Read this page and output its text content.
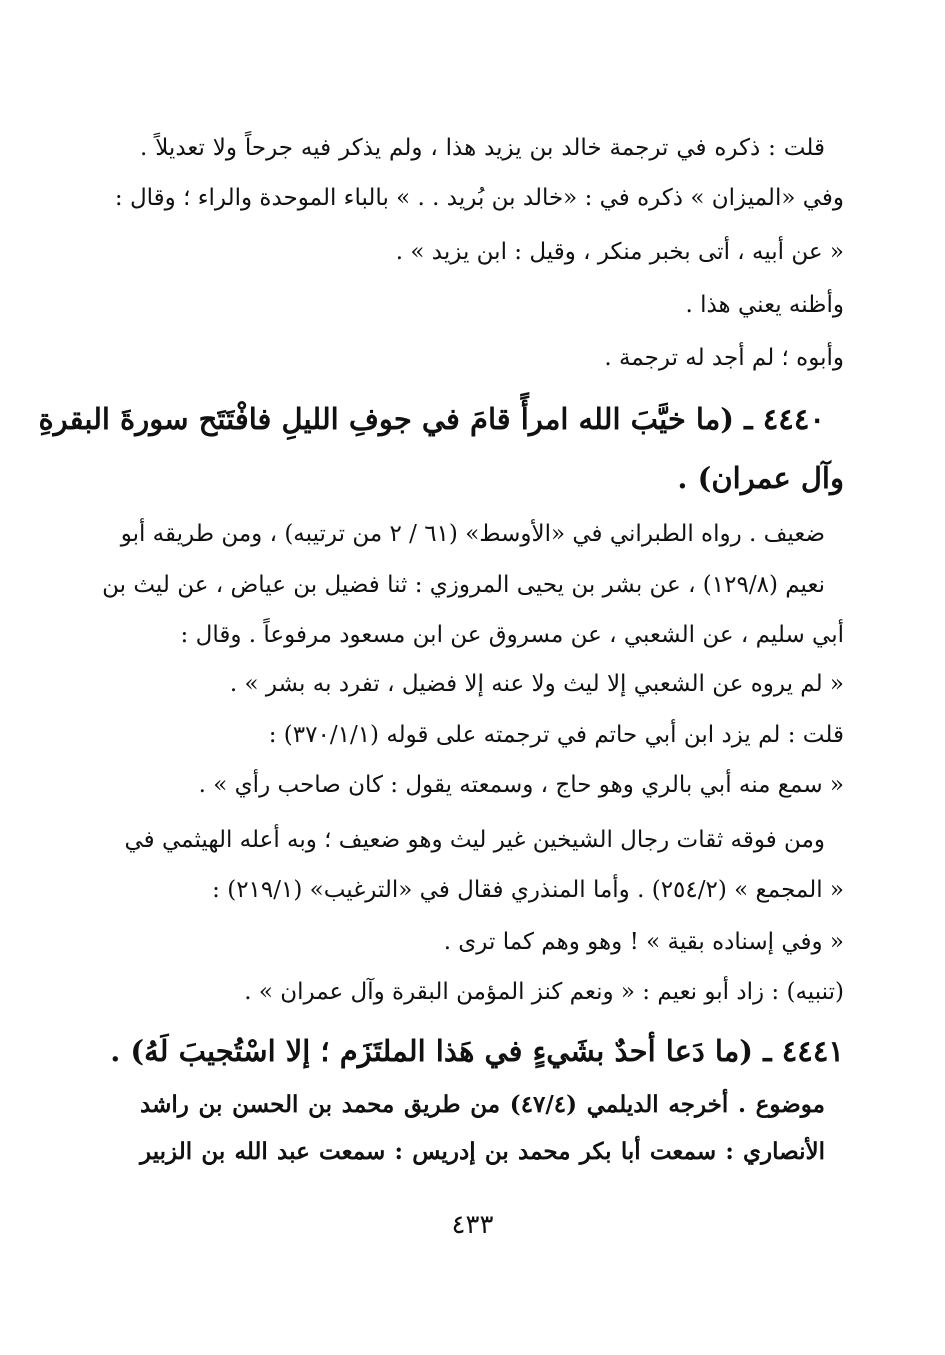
قلت : ذكره في ترجمة خالد بن يزيد هذا ، ولم يذكر فيه جرحاً ولا تعديلاً .
وفي «الميزان » ذكره في : «خالد بن بُريد . . » بالباء الموحدة والراء ؛ وقال :
« عن أبيه ، أتى بخبر منكر ، وقيل : ابن يزيد » .
وأظنه يعني هذا .
وأبوه ؛ لم أجد له ترجمة .
٤٤٤٠ ـ (ما خيَّبَ الله امرأً قامَ في جوفِ الليلِ فافْتَتَح سورةَ البقرةِ
وآل عمران) .
ضعيف . رواه الطبراني في «الأوسط» (٦١ / ٢ من ترتيبه) ، ومن طريقه أبو
نعيم (١٢٩/٨) ، عن بشر بن يحيى المروزي : ثنا فضيل بن عياض ، عن ليث بن
أبي سليم ، عن الشعبي ، عن مسروق عن ابن مسعود مرفوعاً . وقال :
« لم يروه عن الشعبي إلا ليث ولا عنه إلا فضيل ، تفرد به بشر » .
قلت : لم يزد ابن أبي حاتم في ترجمته على قوله (٣٧٠/١/١) :
« سمع منه أبي بالري وهو حاج ، وسمعته يقول : كان صاحب رأي » .
ومن فوقه ثقات رجال الشيخين غير ليث وهو ضعيف ؛ وبه أعله الهيثمي في
« المجمع » (٢٥٤/٢) . وأما المنذري فقال في «الترغيب» (٢١٩/١) :
« وفي إسناده بقية » ! وهو وهم كما ترى .
(تنبيه) : زاد أبو نعيم : « ونعم كنز المؤمن البقرة وآل عمران » .
٤٤٤١ ـ (ما دَعا أحدٌ بشَيءٍ في هَذا الملتَزَم ؛ إلا اسْتُجيبَ لَهُ) .
موضوع . أخرجه الديلمي (٤٧/٤) من طريق محمد بن الحسن بن راشد
الأنصاري : سمعت أبا بكر محمد بن إدريس : سمعت عبد الله بن الزبير
٤٣٣
